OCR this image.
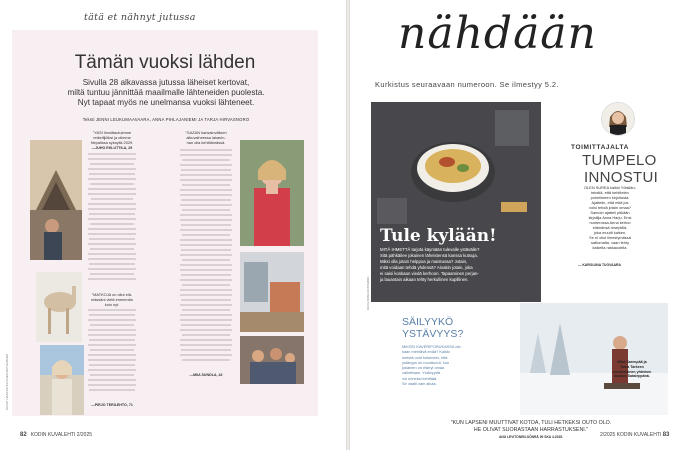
tätä et nähnyt jutussa
Tämän vuoksi lähden
Sivulla 28 alkavassa jutussa läheiset kertovat,
miltä tuntuu jännittää maailmalle lähteneiden puolesta.
Nyt tapaat myös ne unelmansa vuoksi lähteneet.
Teksti JENNI LEUKUMAAVAARA, ANNA PIHLAJANIEMI JA TARJA HIRVASNORO

"YASI ilmoittautuimme

retkeilijöiksi ja olimme

Nepalissa syksyllä 2029.

—JUHO EKLUTTILA, 29

"MATKOJA on ollut elä-

mässäni vielä enemmän

kuin nyt.

—PIRJO TERILEHTO, 71

"GAZAN kansainvälisen

alkuvaiheessa lakanin-

nan olla kehittämässä.

—MIIA SUNDLA, 42
KUVAT HAASTATELTUJEN KOTIALBUMI
82 KODIN KUVALEHTI 2/2025
nähdään
Kurkistus seuraavaan numeroon. Se ilmestyy 5.2.
Tule kylään!
MITÄ IHMETTÄ tarjota käymään tulevalle ystävälle?
Sitä pähkäilee jokainen läheistensä kanssa kutsuja.
Miksi olla jotain helppoa ja maistuvaa? Jotain,
mitä voidaan tehdä yhdessä? Ainakin jotain, joka
ei saisi koskaan viedä kerhoon. Tapaaminen perjan-
ja lauantain aikaan tehty herkullinen kupillinen.
KUVA ANNA KOSTEIKKI
TOIMITTAJALTA
TUMPELO
INNOSTUI
OLEN SUREA kaikki Yötsilän-
tekstiä, että kehittelen
puhelimeen kirjoitusta.
Ajattelin, että mitä jos
voisi tehdä jotain omaa?
Samoin ajatteli pitkään
kirjailija Anna Harju. Ensi
numerossa Anna kertoo
elämänsä reseptillä,
joka muutti kaiken.
Se ei ollut ilmestymässä
sattumalta, vaan tehty
kaikella rakkaudella.
— KAROLIINA TUOVAARA
SÄILYYKÖ
YSTÄVYYS?
MIKSEI KAVERIPORUKASSA ole-
kaan mentävä enää? Kaikki
meistä ovat kokeneet, että
ystävyys on muuttunut, kun
jokainen on elänyt omaa
vaihettaan. Ystävyyttä
voi onneksi kehittää.
Se vaatii vain aikaa.
Mika Sarenpää ja
Taina Tarkeen
ensimmäinen yhteinen
kuvaus Sataleppänä.
"KUN LAPSENI MUUTTIVAT KOTOA, TULI HETKEKSI OUTO OLO.
HE OLIVAT SUORASTAAN HARRASTUKSENI."
ANU LEVITONEN-SÖNRÄ 90 SKA 4.2025.	2/2025 KODIN KUVALEHTI 83
